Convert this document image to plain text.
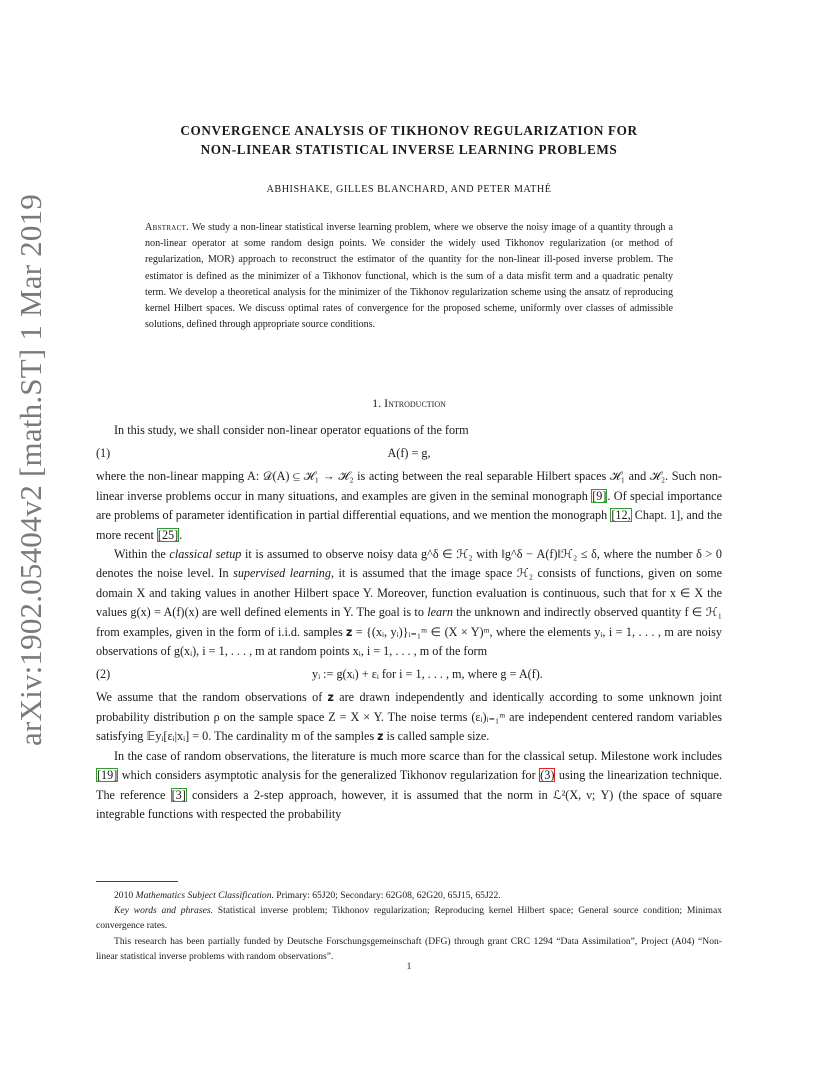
arXiv:1902.05404v2 [math.ST] 1 Mar 2019
CONVERGENCE ANALYSIS OF TIKHONOV REGULARIZATION FOR
NON-LINEAR STATISTICAL INVERSE LEARNING PROBLEMS
ABHISHAKE, GILLES BLANCHARD, AND PETER MATHÉ
Abstract. We study a non-linear statistical inverse learning problem, where we observe the noisy image of a quantity through a non-linear operator at some random design points. We consider the widely used Tikhonov regularization (or method of regularization, MOR) approach to reconstruct the estimator of the quantity for the non-linear ill-posed inverse problem. The estimator is defined as the minimizer of a Tikhonov functional, which is the sum of a data misfit term and a quadratic penalty term. We develop a theoretical analysis for the minimizer of the Tikhonov regularization scheme using the ansatz of reproducing kernel Hilbert spaces. We discuss optimal rates of convergence for the proposed scheme, uniformly over classes of admissible solutions, defined through appropriate source conditions.
1. Introduction

In this study, we shall consider non-linear operator equations of the form

(1)	A(f) = g,

where the non-linear mapping A: 𝒟(A) ⊆ ℋ₁ → ℋ₂ is acting between the real separable Hilbert spaces ℋ₁ and ℋ₂. Such non-linear inverse problems occur in many situations, and examples are given in the seminal monograph [9]. Of special importance are problems of parameter identification in partial differential equations, and we mention the monograph [12, Chapt. 1], and the more recent [25].

Within the classical setup it is assumed to observe noisy data g^δ ∈ ℋ₂ with ‖g^δ − A(f)‖ℋ₂ ≤ δ, where the number δ > 0 denotes the noise level. In supervised learning, it is assumed that the image space ℋ₂ consists of functions, given on some domain X and taking values in another Hilbert space Y. Moreover, function evaluation is continuous, such that for x ∈ X the values g(x) = A(f)(x) are well defined elements in Y. The goal is to learn the unknown and indirectly observed quantity f ∈ ℋ₁ from examples, given in the form of i.i.d. samples 𝐳 = {(xᵢ, yᵢ)}ᵢ₌₁ᵐ ∈ (X × Y)ᵐ, where the elements yᵢ, i = 1, . . . , m are noisy observations of g(xᵢ), i = 1, . . . , m at random points xᵢ, i = 1, . . . , m of the form

(2)	yᵢ := g(xᵢ) + εᵢ for i = 1, . . . , m, where g = A(f).

We assume that the random observations of 𝐳 are drawn independently and identically according to some unknown joint probability distribution ρ on the sample space Z = X × Y. The noise terms (εᵢ)ᵢ₌₁ᵐ are independent centered random variables satisfying 𝔼yᵢ[εᵢ|xᵢ] = 0. The cardinality m of the samples 𝐳 is called sample size.

In the case of random observations, the literature is much more scarce than for the classical setup. Milestone work includes [19] which considers asymptotic analysis for the generalized Tikhonov regularization for (3) using the linearization technique. The reference [3] considers a 2-step approach, however, it is assumed that the norm in ℒ²(X, ν; Y) (the space of square integrable functions with respected the probability

2010 Mathematics Subject Classification. Primary: 65J20; Secondary: 62G08, 62G20, 65J15, 65J22.

Key words and phrases. Statistical inverse problem; Tikhonov regularization; Reproducing kernel Hilbert space; General source condition; Minimax convergence rates.

This research has been partially funded by Deutsche Forschungsgemeinschaft (DFG) through grant CRC 1294 “Data Assimilation”, Project (A04) “Non-linear statistical inverse problems with random observations”.

1
